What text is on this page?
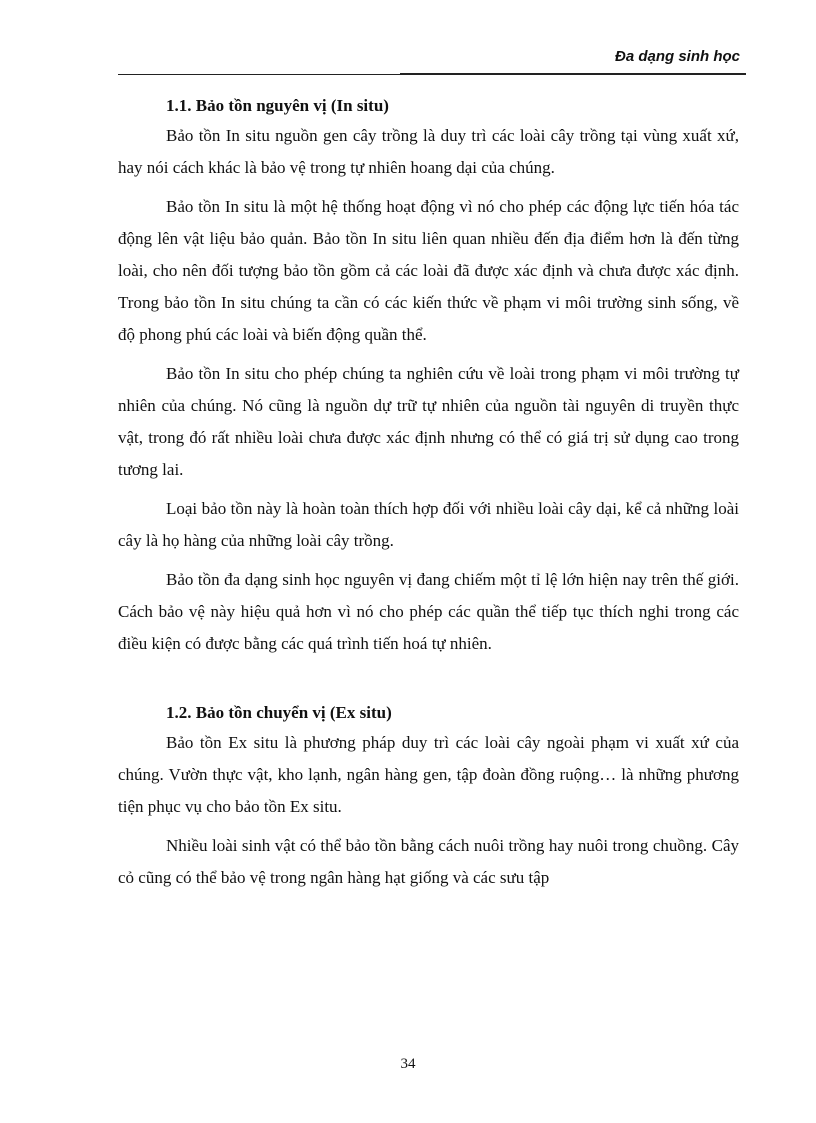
Đa dạng sinh học

1.1. Bảo tồn nguyên vị (In situ)

Bảo tồn In situ nguồn gen cây trồng là duy trì các loài cây trồng tại vùng xuất xứ, hay nói cách khác là bảo vệ trong tự nhiên hoang dại của chúng.

Bảo tồn In situ là một hệ thống hoạt động vì nó cho phép các động lực tiến hóa tác động lên vật liệu bảo quản. Bảo tồn In situ liên quan nhiều đến địa điểm hơn là đến từng loài, cho nên đối tượng bảo tồn gồm cả các loài đã được xác định và chưa được xác định. Trong bảo tồn In situ chúng ta cần có các kiến thức về phạm vi môi trường sinh sống, về độ phong phú các loài và biến động quần thể.

Bảo tồn In situ cho phép chúng ta nghiên cứu về loài trong phạm vi môi trường tự nhiên của chúng. Nó cũng là nguồn dự trữ tự nhiên của nguồn tài nguyên di truyền thực vật, trong đó rất nhiều loài chưa được xác định nhưng có thể có giá trị sử dụng cao trong tương lai.

Loại bảo tồn này là hoàn toàn thích hợp đối với nhiều loài cây dại, kể cả những loài cây là họ hàng của những loài cây trồng.

Bảo tồn đa dạng sinh học nguyên vị đang chiếm một tỉ lệ lớn hiện nay trên thế giới. Cách bảo vệ này hiệu quả hơn vì nó cho phép các quần thể tiếp tục thích nghi trong các điều kiện có được bằng các quá trình tiến hoá tự nhiên.

1.2. Bảo tồn chuyển vị (Ex situ)

Bảo tồn Ex situ là phương pháp duy trì các loài cây ngoài phạm vi xuất xứ của chúng. Vườn thực vật, kho lạnh, ngân hàng gen, tập đoàn đồng ruộng… là những phương tiện phục vụ cho bảo tồn Ex situ.

Nhiều loài sinh vật có thể bảo tồn bằng cách nuôi trồng hay nuôi trong chuồng. Cây cỏ cũng có thể bảo vệ trong ngân hàng hạt giống và các sưu tập

34
